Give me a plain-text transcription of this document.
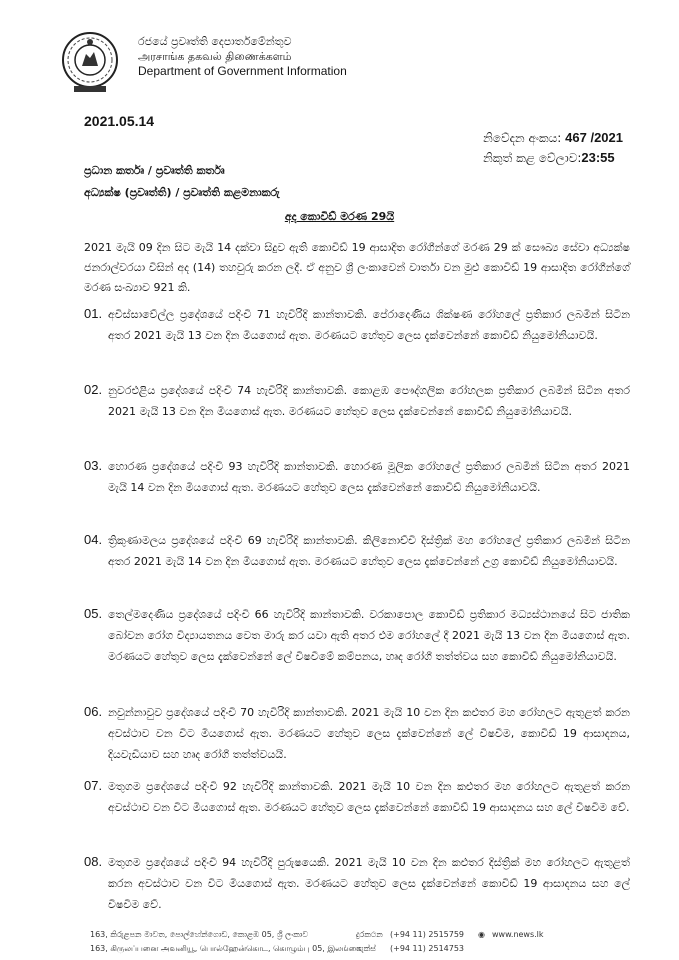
රජයේ ප්‍රවෘත්ති දෙපාර්තමේන්තුව
அரசாங்க தகவல் திணைக்களம்
Department of Government Information
2021.05.14
නිවේදන අංකය: 467 /2021
නිකුත් කළ වේලාව:23:55
ප්‍රධාන කර්තෘ / ප්‍රවෘත්ති කර්තෘ
අධ්‍යක්ෂ (ප්‍රවෘත්ති) / ප්‍රවෘත්ති කළමනාකරු
අද කොවිඩ් මරණ 29යි
2021 මැයි 09 දින සිට මැයි 14 දක්වා සිදුව ඇති කොවිඩ් 19 ආසාදිත රෝගීන්ගේ මරණ 29 ක් සෞඛ්‍ය සේවා අධ්‍යක්ෂ ජනරාල්වරයා විසින් අද (14) තහවුරු කරන ලදී. ඒ අනුව ශ්‍රී ලංකාවෙන් වාර්තා වන මුළු කොවිඩ් 19 ආසාදිත රෝගීන්ගේ මරණ සංඛ්‍යාව 921 කි.
01. අවිස්සාවේල්ල ප්‍රදේශයේ පදිංචි 71 හැවිරිදි කාන්තාවකි. පේරාදෙණිය ශික්ෂණ රෝහලේ ප්‍රතිකාර ලබමින් සිටින අතර 2021 මැයි 13 වන දින මියගොස් ඇත. මරණයට හේතුව ලෙස දැක්වෙන්නේ කොවිඩ් නියුමෝනියාවයි.
02. නුවරඑළිය ප්‍රදේශයේ පදිංචි 74 හැවිරිදි කාන්තාවකි. කොළඹ පෞද්ගලික රෝහලක ප්‍රතිකාර ලබමින් සිටින අතර 2021 මැයි 13 වන දින මියගොස් ඇත. මරණයට හේතුව ලෙස දැක්වෙන්නේ කොවිඩ් නියුමෝනියාවයි.
03. හොරණ ප්‍රදේශයේ පදිංචි 93 හැවිරිදි කාන්තාවකි. හොරණ මූලික රෝහලේ ප්‍රතිකාර ලබමින් සිටින අතර 2021 මැයි 14 වන දින මියගොස් ඇත. මරණයට හේතුව ලෙස දැක්වෙන්නේ කොවිඩ් නියුමෝනියාවයි.
04. ත්‍රිකුණාමලය ප්‍රදේශයේ පදිංචි 69 හැවිරිදි කාන්තාවකි. කිලිනොච්චි දිස්ත්‍රික් මහ රෝහලේ ප්‍රතිකාර ලබමින් සිටින අතර 2021 මැයි 14 වන දින මියගොස් ඇත. මරණයට හේතුව ලෙස දැක්වෙන්නේ උග්‍ර කොවිඩ් නියුමෝනියාවයි.
05. තෙල්මදෙණිය ප්‍රදේශයේ පදිංචි 66 හැවිරිදි කාන්තාවකි. වරකාපොල කොවිඩ් ප්‍රතිකාර මධ්‍යස්ථානයේ සිට ජාතික බෝවන රෝග විද්‍යායතනය වෙත මාරු කර යවා ඇති අතර එම රෝහලේ දී 2021 මැයි 13 වන දින මියගොස් ඇත. මරණයට හේතුව ලෙස දැක්වෙන්නේ ලේ විෂවීමේ කම්පනය, හෘද රෝගී තත්ත්වය සහ කොවිඩ් නියුමෝනියාවයි.
06. නවුන්නාවුව ප්‍රදේශයේ පදිංචි 70 හැවිරිදි කාන්තාවකි. 2021 මැයි 10 වන දින කළුතර මහ රෝහලට ඇතුළත් කරන අවස්ථාව වන විට මියගොස් ඇත. මරණයට හේතුව ලෙස දැක්වෙන්නේ ලේ විෂවීම, කොවිඩ් 19 ආසාදනය, දියවැඩියාව සහ හෘද රෝගී තත්ත්වයයි.
07. මතුගම ප්‍රදේශයේ පදිංචි 92 හැවිරිදි කාන්තාවකි. 2021 මැයි 10 වන දින කළුතර මහ රෝහලට ඇතුළත් කරන අවස්ථාව වන විට මියගොස් ඇත. මරණයට හේතුව ලෙස දැක්වෙන්නේ කොවිඩ් 19 ආසාදනය සහ ලේ විෂවීම වේ.
08. මතුගම ප්‍රදේශයේ පදිංචි 94 හැවිරිදි පුරුෂයෙකි. 2021 මැයි 10 වන දින කළුතර දිස්ත්‍රික් මහ රෝහලට ඇතුළත් කරන අවස්ථාව වන විට මියගොස් ඇත. මරණයට හේතුව ලෙස දැක්වෙන්නේ කොවිඩ් 19 ආසාදනය සහ ලේ විෂවීම වේ.
163, කිරුළපන මාවත, පොල්හේන්ගොඩ, කොළඹ 05, ශ්‍රී ලංකාව
163, கிருலப்பனை அவனியூ, பொல்ஹேன்கொட, கொழும்பு 05, இலங்கை
දුරකථන (+94 11) 2515759
ෆැක්ස් (+94 11) 2514753
◉ www.news.lk
